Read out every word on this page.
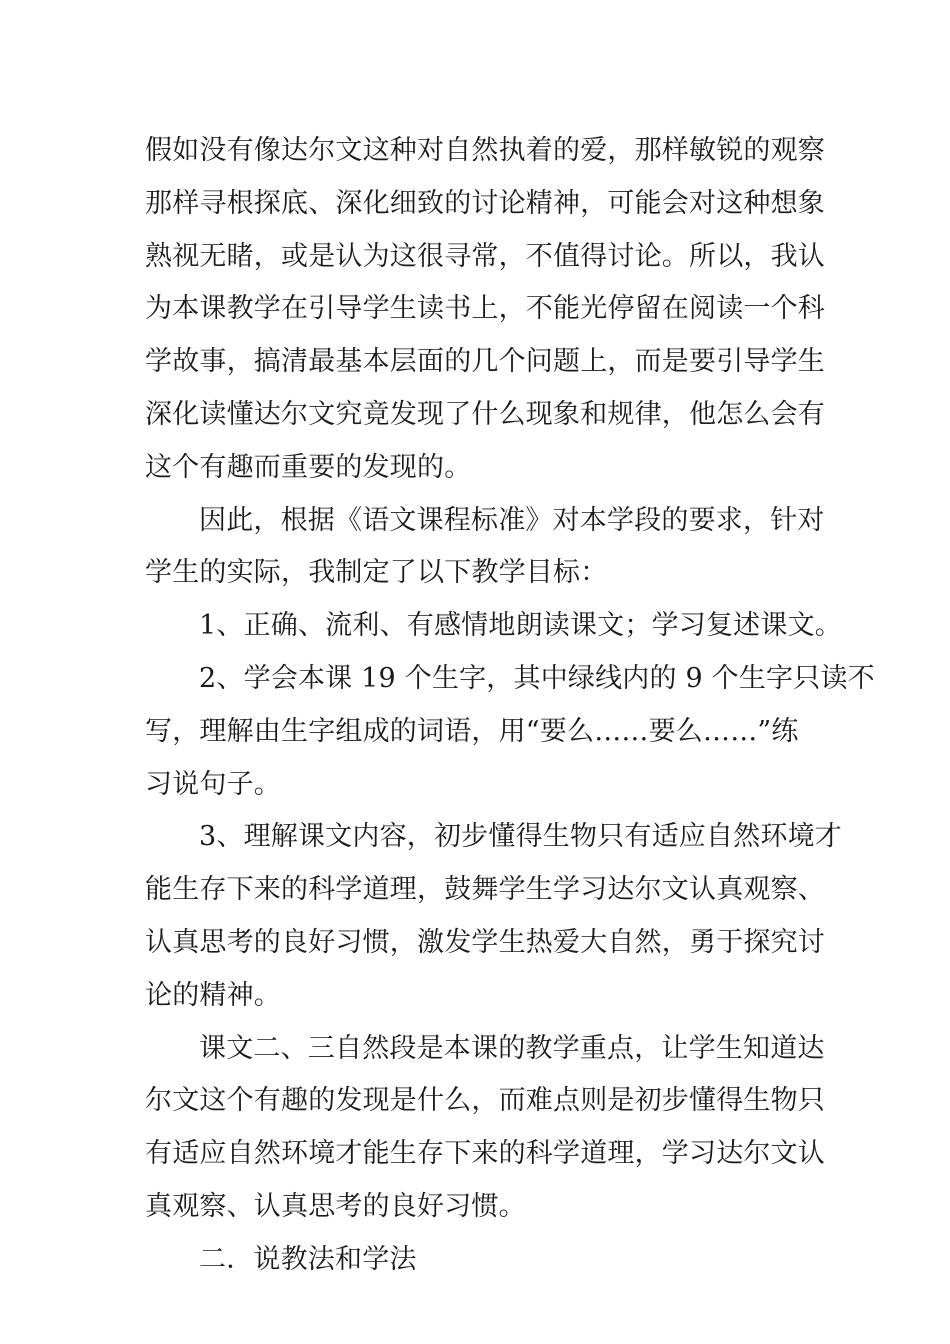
假如没有像达尔文这种对自然执着的爱，那样敏锐的观察
那样寻根探底、深化细致的讨论精神，可能会对这种想象
熟视无睹，或是认为这很寻常，不值得讨论。所以，我认
为本课教学在引导学生读书上，不能光停留在阅读一个科
学故事，搞清最基本层面的几个问题上，而是要引导学生
深化读懂达尔文究竟发现了什么现象和规律，他怎么会有
这个有趣而重要的发现的。
因此，根据《语文课程标准》对本学段的要求，针对
学生的实际，我制定了以下教学目标：
1、正确、流利、有感情地朗读课文；学习复述课文。
2、学会本课 19 个生字，其中绿线内的 9 个生字只读不
写，理解由生字组成的词语，用“要么……要么……”练
习说句子。
3、理解课文内容，初步懂得生物只有适应自然环境才
能生存下来的科学道理，鼓舞学生学习达尔文认真观察、
认真思考的良好习惯，激发学生热爱大自然，勇于探究讨
论的精神。
课文二、三自然段是本课的教学重点，让学生知道达
尔文这个有趣的发现是什么，而难点则是初步懂得生物只
有适应自然环境才能生存下来的科学道理，学习达尔文认
真观察、认真思考的良好习惯。
二．说教法和学法
